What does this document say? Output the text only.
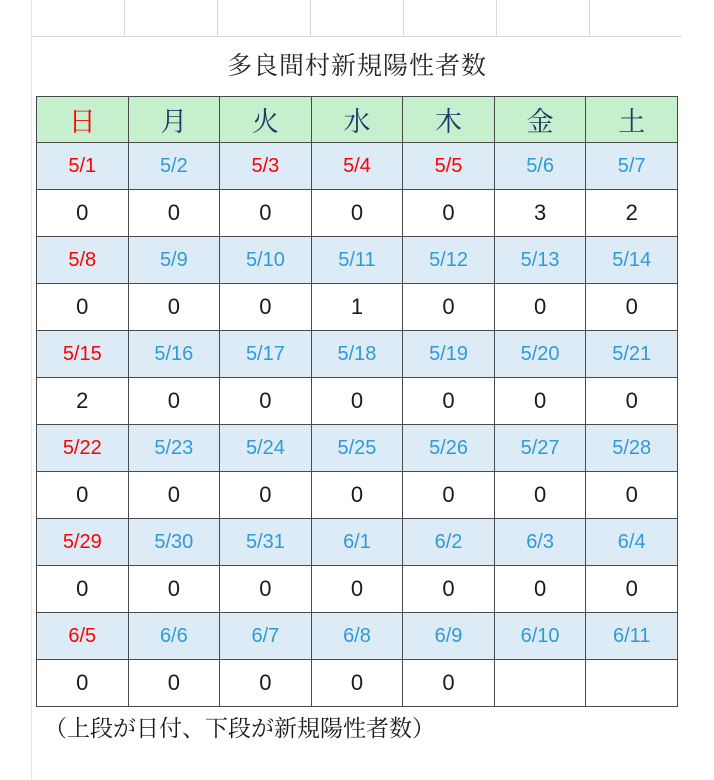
多良間村新規陽性者数
日	月	火	水	木	金	土
5/1	5/2	5/3	5/4	5/5	5/6	5/7
0	0	0	0	0	3	2
5/8	5/9	5/10	5/11	5/12	5/13	5/14
0	0	0	1	0	0	0
5/15	5/16	5/17	5/18	5/19	5/20	5/21
2	0	0	0	0	0	0
5/22	5/23	5/24	5/25	5/26	5/27	5/28
0	0	0	0	0	0	0
5/29	5/30	5/31	6/1	6/2	6/3	6/4
0	0	0	0	0	0	0
6/5	6/6	6/7	6/8	6/9	6/10	6/11
0	0	0	0	0		
（上段が日付、下段が新規陽性者数）
